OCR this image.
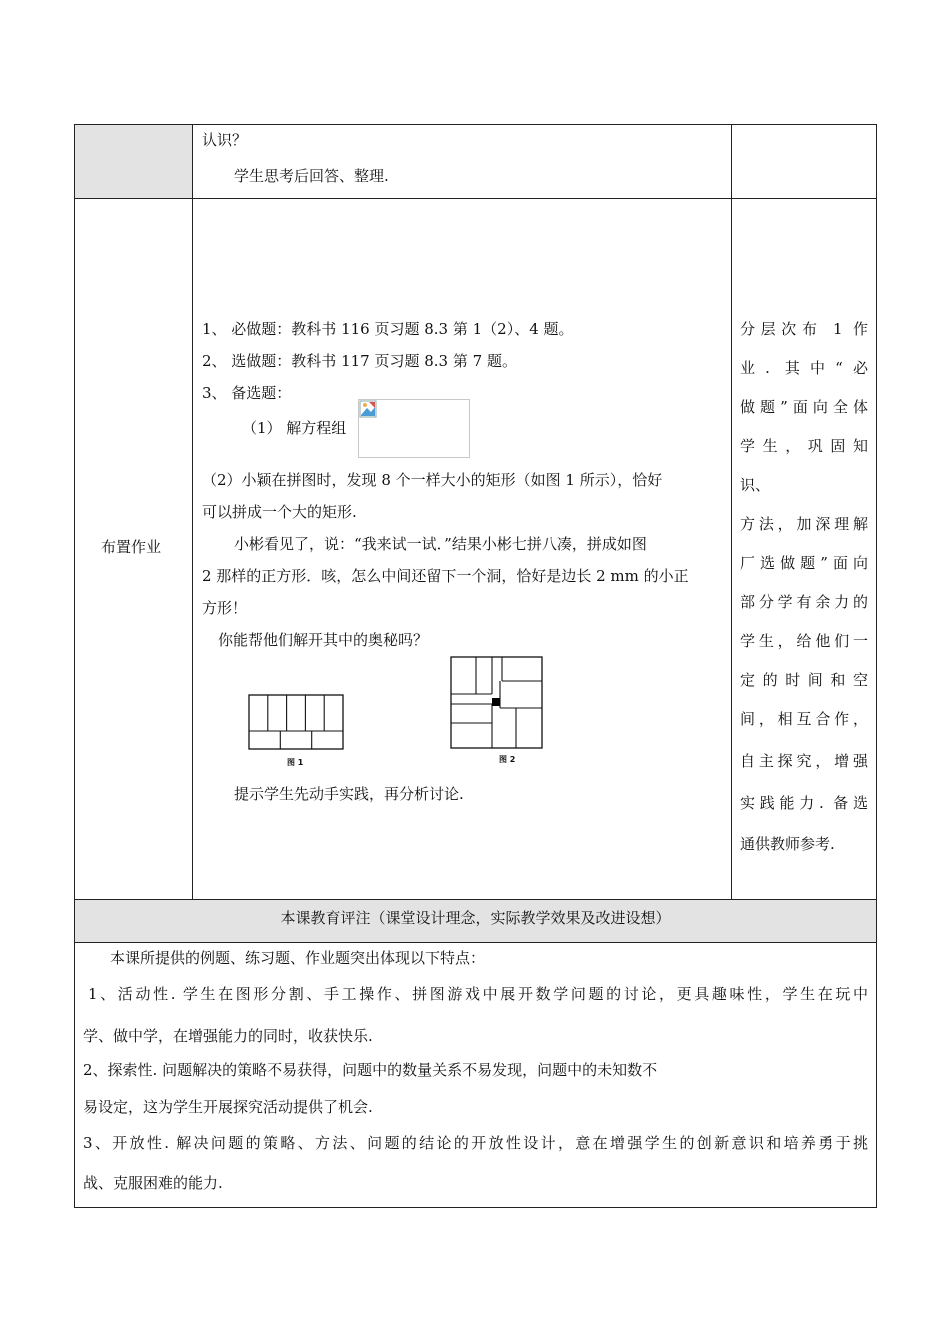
认识？
学生思考后回答、整理.
布置作业
1、 必做题：教科书 116 页习题 8.3 第 1（2）、4 题。
2、 选做题：教科书 117 页习题 8.3 第 7 题。
3、 备选题：
（1） 解方程组
（2）小颖在拼图时，发现 8 个一样大小的矩形（如图 1 所示），恰好
可以拼成一个大的矩形.
小彬看见了，说：“我来试一试．”结果小彬七拼八凑，拼成如图
2 那样的正方形．咳，怎么中间还留下一个洞，恰好是边长 2 mm 的小正
方形！
你能帮他们解开其中的奥秘吗？
图 1	图 2
提示学生先动手实践，再分析讨论.
分层次布 1 作
业. 其中“必
做题”面向全体
学生，巩固知
识、
方法，加深理解
厂选做题”面向
部分学有余力的
学生，给他们一
定的时间和空
间，相互合作，
自主探究，增强
实践能力. 备选
通供教师参考.
本课教育评注（课堂设计理念，实际教学效果及改进设想）
本课所提供的例题、练习题、作业题突出体现以下特点：
1、活动性. 学生在图形分割、手工操作、拼图游戏中展开数学问题的讨论，更具趣味性，学生在玩中
学、做中学，在增强能力的同时，收获快乐.
2、探索性. 问题解决的策略不易获得，问题中的数量关系不易发现，问题中的未知数不
易设定，这为学生开展探究活动提供了机会.
3、开放性. 解决问题的策略、方法、问题的结论的开放性设计，意在增强学生的创新意识和培养勇于挑
战、克服困难的能力.
